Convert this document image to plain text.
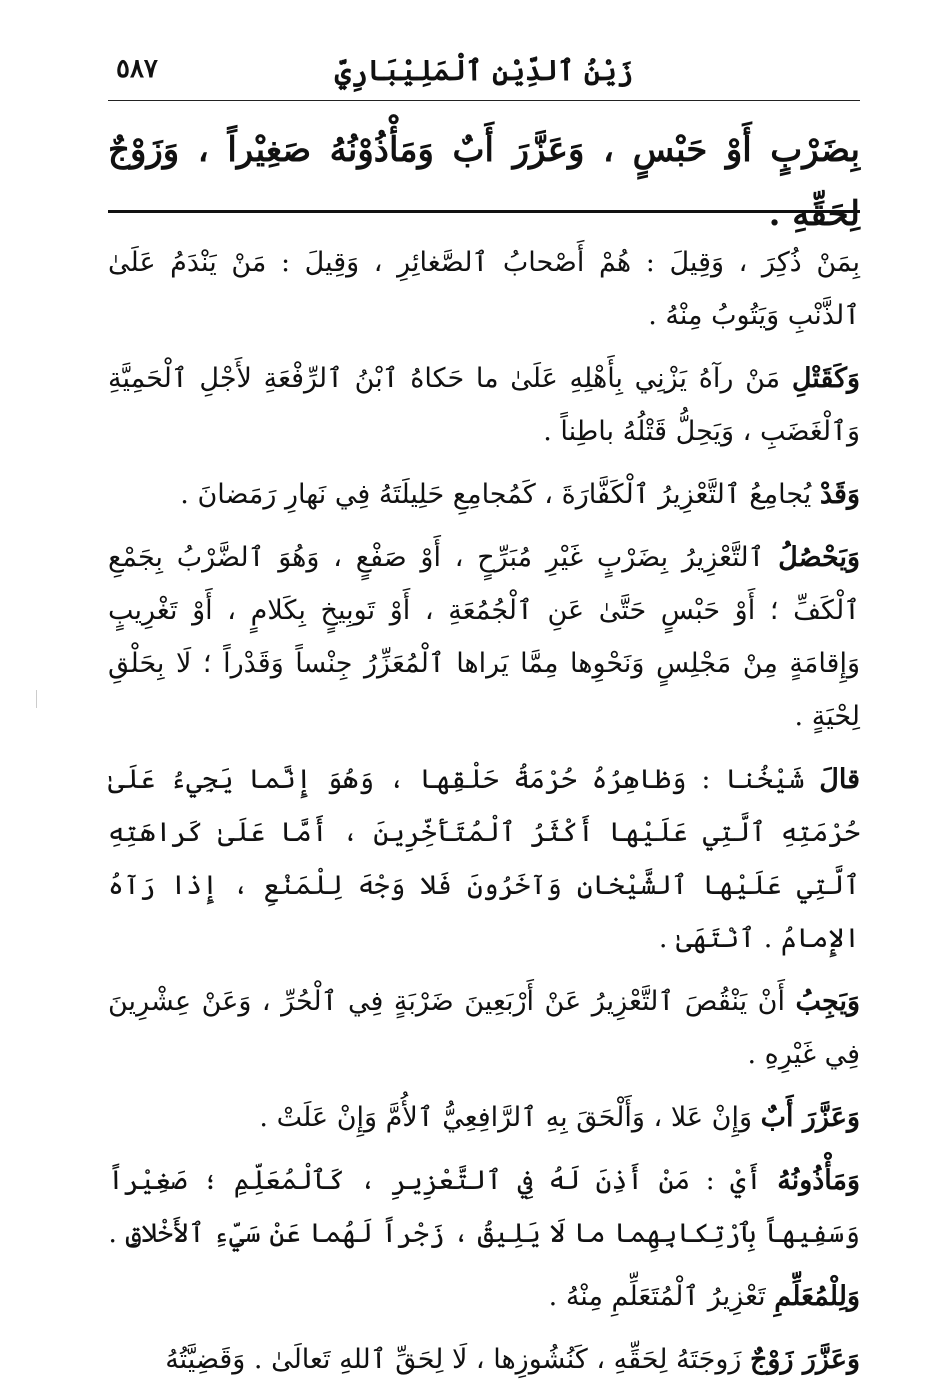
زَيْنُ ٱلدِّيْنِ ٱلْمَلِيْبَارِيّ
٥٨٧
بِضَرْبٍ أَوْ حَبْسٍ ، وَعَزَّرَ أَبٌ وَمَأْذُوْنُهُ صَغِيْراً ، وَزَوْجٌ لِحَقِّهِ .

بِمَنْ ذُكِرَ ، وَقِيلَ : هُمْ أَصْحابُ ٱلصَّغائِرِ ، وَقِيلَ : مَنْ يَنْدَمُ عَلَىٰ ٱلذَّنْبِ وَيَتُوبُ مِنْهُ .

وَكَقَتْلِ مَنْ رآهُ يَزْنِي بِأَهْلِهِ عَلَىٰ ما حَكاهُ ٱبْنُ ٱلرِّفْعَةِ لأَجْلِ ٱلْحَمِيَّةِ وَٱلْغَضَبِ ، وَيَحِلُّ قَتْلُهُ باطِناً .

وَقَدْ يُجامِعُ ٱلتَّعْزِيرُ ٱلْكَفَّارَةَ ، كَمُجامِعِ حَلِيلَتَهُ فِي نَهارِ رَمَضانَ .

وَيَحْصُلُ ٱلتَّعْزِيرُ بِضَرْبٍ غَيْرِ مُبَرِّحٍ ، أَوْ صَفْعٍ ، وَهُوَ ٱلضَّرْبُ بِجَمْعِ ٱلْكَفِّ ؛ أَوْ حَبْسٍ حَتَّىٰ عَنِ ٱلْجُمُعَةِ ، أَوْ تَوبِيخٍ بِكَلامٍ ، أَوْ تَغْرِيبٍ وَإِقامَةٍ مِنْ مَجْلِسٍ وَنَحْوِها مِمَّا يَراها ٱلْمُعَزِّرُ جِنْساً وَقَدْراً ؛ لَا بِحَلْقِ لِحْيَةٍ .

قالَ شَيْخُنا : وَظاهِرُهُ حُرْمَةُ حَلْقِها ، وَهُوَ إِنَّما يَجِيءُ عَلَىٰ حُرْمَتِهِ ٱلَّتِي عَلَيْها أَكْثَرُ ٱلْمُتَأَخِّرِينَ ، أَمَّا عَلَىٰ كَراهَتِهِ ٱلَّتِي عَلَيْها ٱلشَّيْخانِ وَآخَرُونَ فَلا وَجْهَ لِلْمَنْعِ ، إِذا رَآهُ الإِمامُ . ٱنْتَهَىٰ .

وَيَجِبُ أَنْ يَنْقُصَ ٱلتَّعْزِيرُ عَنْ أَرْبَعِينَ ضَرْبَةٍ فِي ٱلْحُرِّ ، وَعَنْ عِشْرِينَ فِي غَيْرِهِ .

وَعَزَّرَ أَبٌ وَإِنْ عَلا ، وَأَلْحَقَ بِهِ ٱلرَّافِعِيُّ ٱلأُمَّ وَإِنْ عَلَتْ .

وَمَأْذُونُهُ أَيْ : مَنْ أَذِنَ لَهُ فِي ٱلتَّعْزِيرِ ، كَٱلْمُعَلِّمِ ؛ صَغِيْراً وَسَفِيهاً بِٱرْتِكابِهِما ما لَا يَلِيقُ ، زَجْراً لَهُما عَنْ سَيِّءِ ٱلأَخْلاقِ .

وَلِلْمُعَلِّمِ تَعْزِيرُ ٱلْمُتَعَلِّمِ مِنْهُ .

وَعَزَّرَ زَوْجٌ زَوجَتَهُ لِحَقِّهِ ، كَنُشُوزِها ، لَا لِحَقِّ ٱللهِ تَعالَىٰ . وَقَضِيَّتُهُ
